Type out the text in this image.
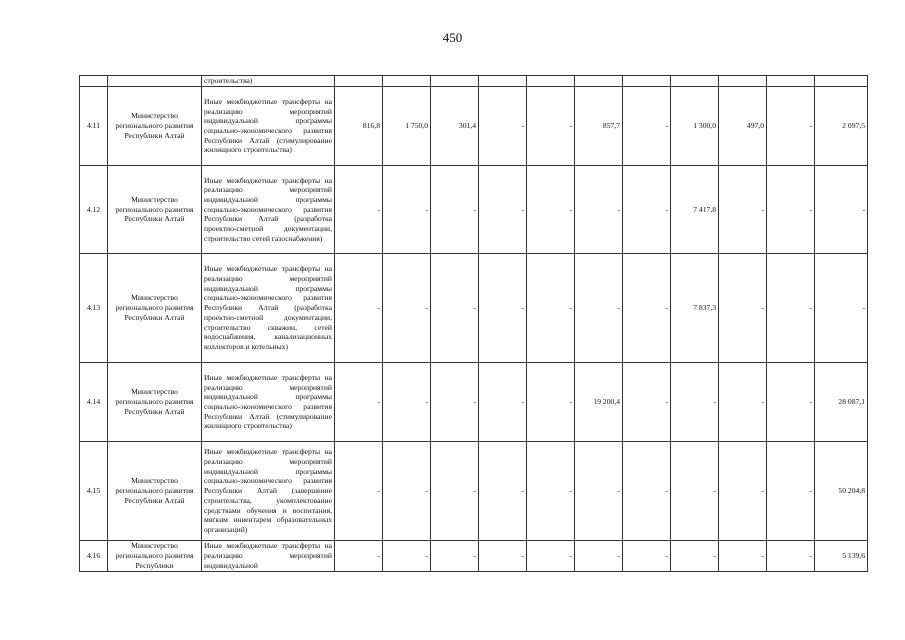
450
		строительства)											
4.11	Министерство регионального развития Республики Алтай	Иные межбюджетные трансферты на реализацию мероприятий индивидуальной программы социально-экономического развития Республики Алтай (стимулирование жилищного строительства)	816,8	1 750,0	301,4	-	-	857,7	-	1 300,0	497,0	-	2 097,5
4.12	Министерство регионального развития Республики Алтай	Иные межбюджетные трансферты на реализацию мероприятий индивидуальной программы социально-экономического развития Республики Алтай (разработка проектно-сметной документации, строительство сетей газоснабжения)	-	-	-	-	-	-	-	7 417,8	-	-	-
4.13	Министерство регионального развития Республики Алтай	Иные межбюджетные трансферты на реализацию мероприятий индивидуальной программы социально-экономического развития Республики Алтай (разработка проектно-сметной документации, строительство скважин, сетей водоснабжения, канализационных коллекторов и котельных)	-	-	-	-	-	-	-	7 837,3	-	-	-
4.14	Министерство регионального развития Республики Алтай	Иные межбюджетные трансферты на реализацию мероприятий индивидуальной программы социально-экономического развития Республики Алтай (стимулирование жилищного строительства)	-	-	-	-	-	19 200,4	-	-	-	-	28 087,1
4.15	Министерство регионального развития Республики Алтай	Иные межбюджетные трансферты на реализацию мероприятий индивидуальной программы социально-экономического развития Республики Алтай (завершение строительства, укомплектование средствами обучения и воспитания, мягким инвентарем образовательных организаций)	-	-	-	-	-	-	-	-	-	-	50 204,8
4.16	Министерство регионального развития Республики	Иные межбюджетные трансферты на реализацию мероприятий индивидуальной	-	-	-	-	-	-	-	-	-	-	5 139,6
